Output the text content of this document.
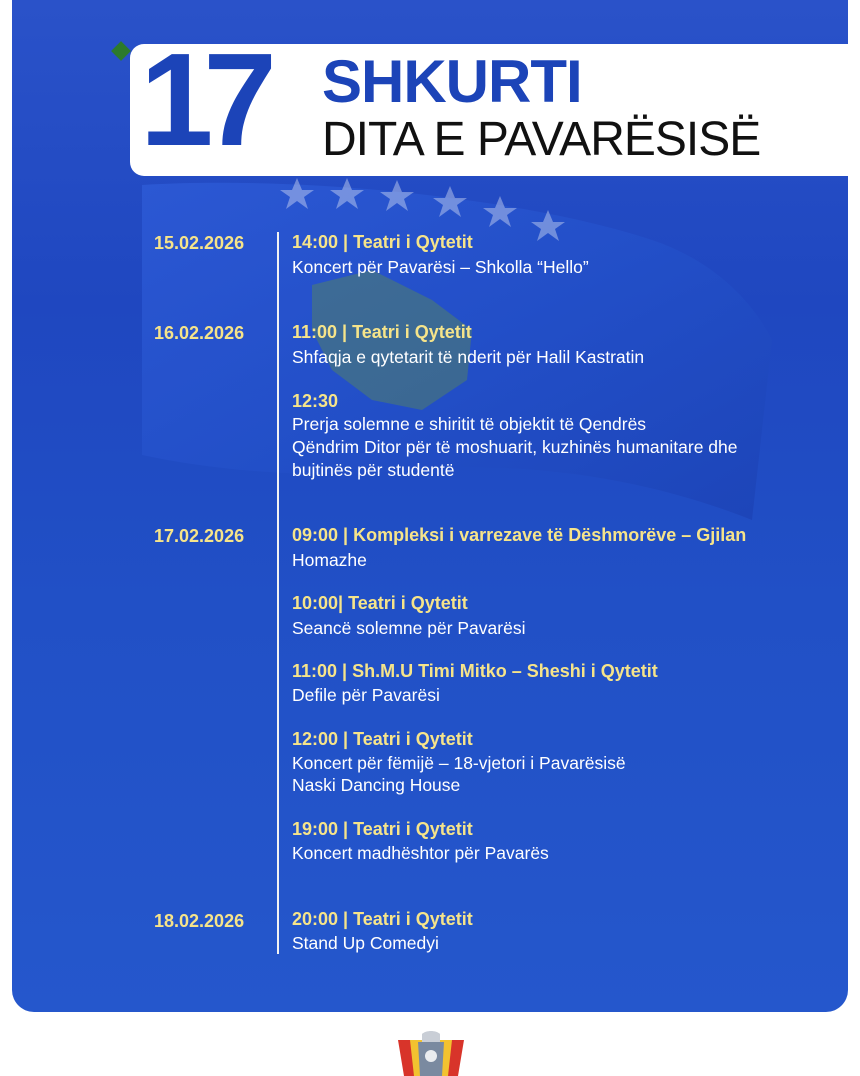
17 SHKURTI
DITA E PAVARËSISË
15.02.2026	14:00 | Teatri i Qytetit
Koncert për Pavarësi – Shkolla “Hello”
16.02.2026	11:00 | Teatri i Qytetit
Shfaqja e qytetarit të nderit për Halil Kastratin
12:30
Prerja solemne e shiritit të objektit të Qendrës
Qëndrim Ditor për të moshuarit, kuzhinës humanitare dhe
bujtinës për studentë
17.02.2026	09:00 | Kompleksi i varrezave të Dëshmorëve – Gjilan
Homazhe
10:00| Teatri i Qytetit
Seancë solemne për Pavarësi
11:00 | Sh.M.U Timi Mitko – Sheshi i Qytetit
Defile për Pavarësi
12:00 | Teatri i Qytetit
Koncert për fëmijë – 18-vjetori i Pavarësisë
Naski Dancing House
19:00 | Teatri i Qytetit
Koncert madhështor për Pavarës
18.02.2026	20:00 | Teatri i Qytetit
Stand Up Comedyi
